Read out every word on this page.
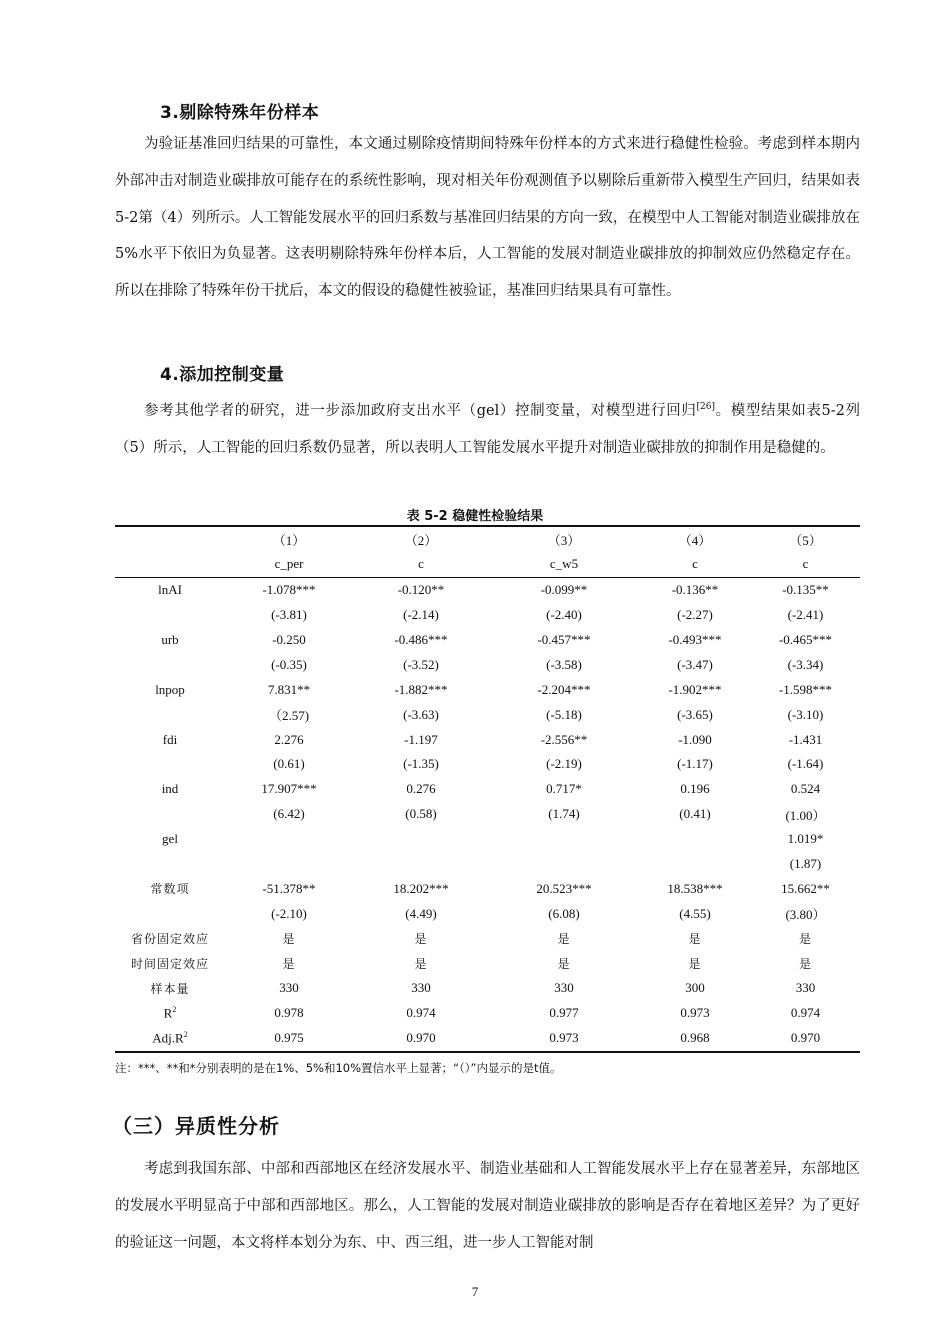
3.剔除特殊年份样本

为验证基准回归结果的可靠性，本文通过剔除疫情期间特殊年份样本的方式来进行稳健性检验。考虑到样本期内外部冲击对制造业碳排放可能存在的系统性影响，现对相关年份观测值予以剔除后重新带入模型生产回归，结果如表5-2第（4）列所示。人工智能发展水平的回归系数与基准回归结果的方向一致，在模型中人工智能对制造业碳排放在5%水平下依旧为负显著。这表明剔除特殊年份样本后，人工智能的发展对制造业碳排放的抑制效应仍然稳定存在。所以在排除了特殊年份干扰后，本文的假设的稳健性被验证，基准回归结果具有可靠性。

4.添加控制变量

参考其他学者的研究，进一步添加政府支出水平（gel）控制变量，对模型进行回归[26]。模型结果如表5-2列（5）所示，人工智能的回归系数仍显著，所以表明人工智能发展水平提升对制造业碳排放的抑制作用是稳健的。

表 5-2 稳健性检验结果
	（1）	（2）	（3）	（4）	（5）
	c_per	c	c_w5	c	c
lnAI	-1.078***	-0.120**	-0.099**	-0.136**	-0.135**
	(-3.81)	(-2.14)	(-2.40)	(-2.27)	(-2.41)
urb	-0.250	-0.486***	-0.457***	-0.493***	-0.465***
	(-0.35)	(-3.52)	(-3.58)	(-3.47)	(-3.34)
lnpop	7.831**	-1.882***	-2.204***	-1.902***	-1.598***
	（2.57)	(-3.63)	(-5.18)	(-3.65)	(-3.10)
fdi	2.276	-1.197	-2.556**	-1.090	-1.431
	(0.61)	(-1.35)	(-2.19)	(-1.17)	(-1.64)
ind	17.907***	0.276	0.717*	0.196	0.524
	(6.42)	(0.58)	(1.74)	(0.41)	(1.00）
gel					1.019*
					(1.87)
常数项	-51.378**	18.202***	20.523***	18.538***	15.662**
	(-2.10)	(4.49)	(6.08)	(4.55)	(3.80）
省份固定效应	是	是	是	是	是
时间固定效应	是	是	是	是	是
样本量	330	330	330	300	330
$R^2$	0.978	0.974	0.977	0.973	0.974
$Adj.R^2$	0.975	0.970	0.973	0.968	0.970
注：***、**和*分别表明的是在1%、5%和10%置信水平上显著；“（）”内显示的是t值。
（三）异质性分析

考虑到我国东部、中部和西部地区在经济发展水平、制造业基础和人工智能发展水平上存在显著差异，东部地区的发展水平明显高于中部和西部地区。那么，人工智能的发展对制造业碳排放的影响是否存在着地区差异？为了更好的验证这一问题，本文将样本划分为东、中、西三组，进一步人工智能对制

7
